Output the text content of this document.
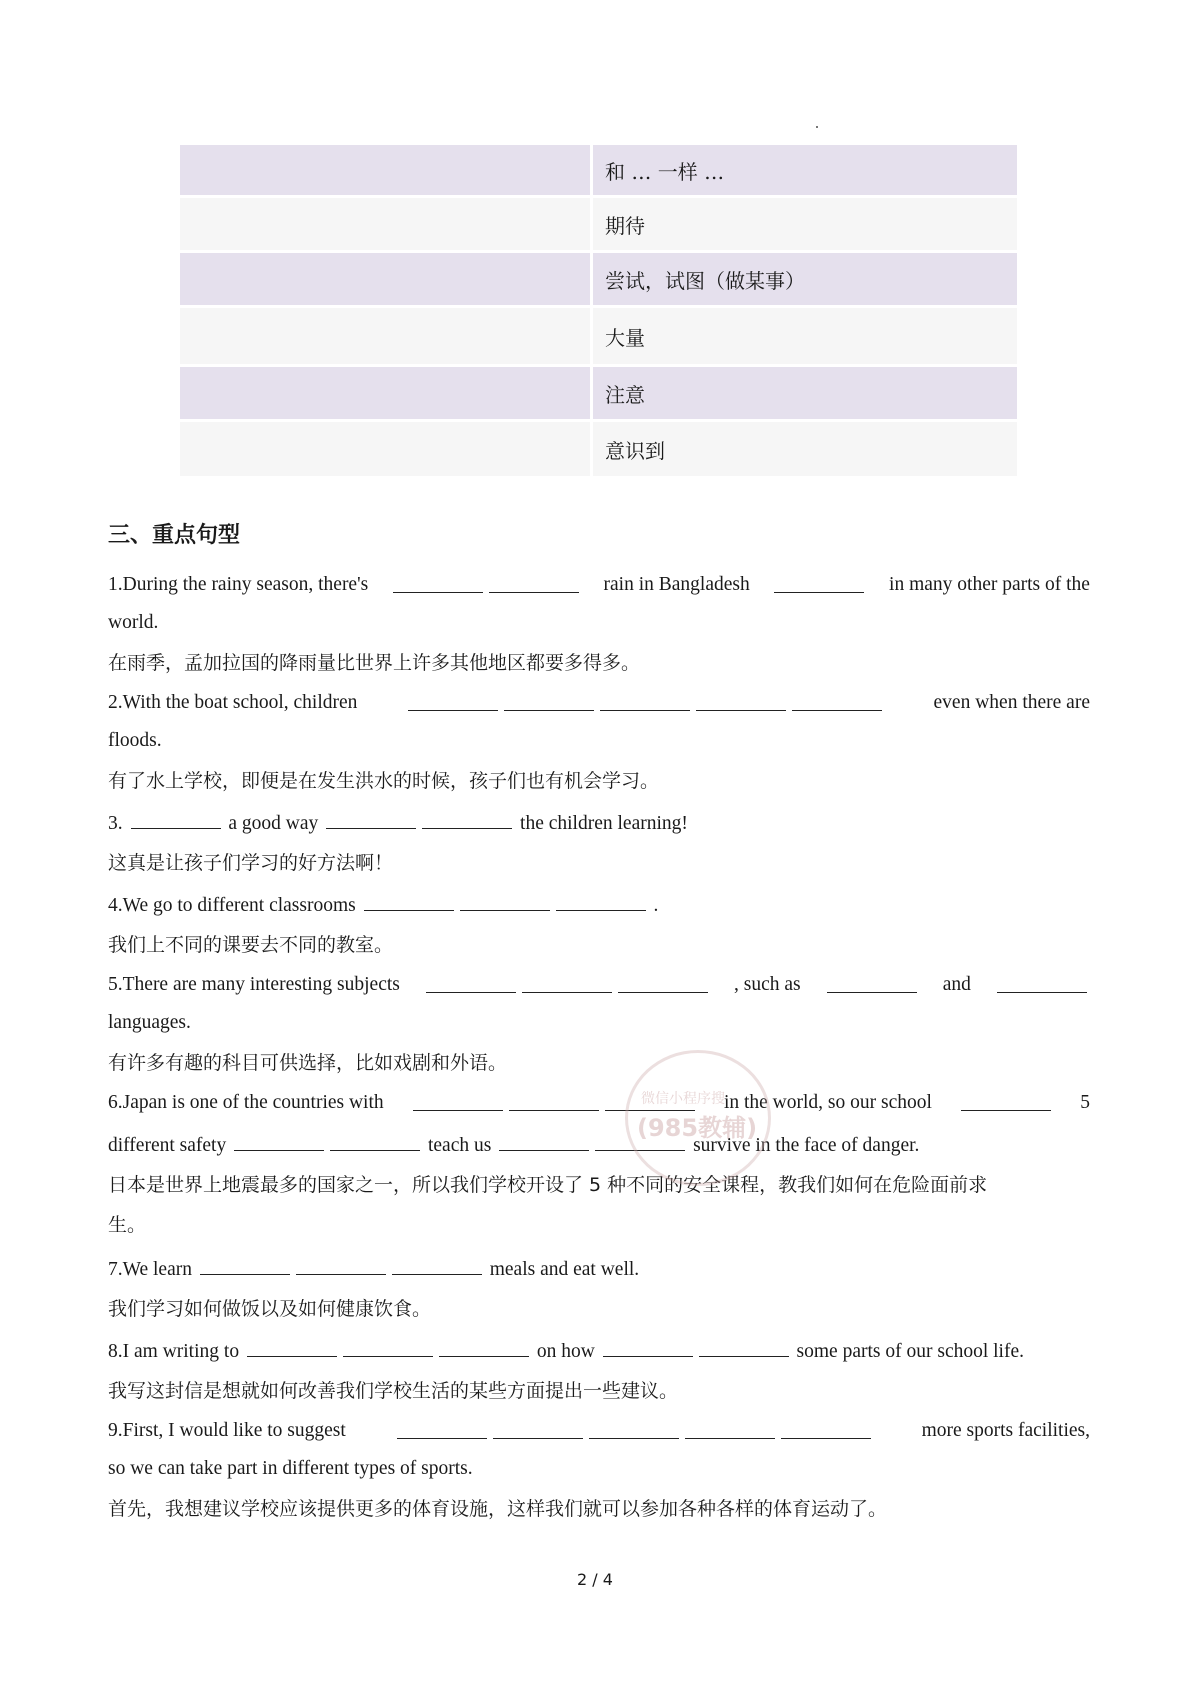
	和 … 一样 …
	期待
	尝试，试图（做某事）
	大量
	注意
	意识到
三、重点句型
1.During the rainy season, there's	rain in Bangladesh	in many other parts of the
world.
在雨季，孟加拉国的降雨量比世界上许多其他地区都要多得多。
2.With the boat school, children	even when there are
floods.
有了水上学校，即便是在发生洪水的时候，孩子们也有机会学习。
3.	a good way	the children learning!
这真是让孩子们学习的好方法啊！
4.We go to different classrooms	.
我们上不同的课要去不同的教室。
5.There are many interesting subjects	, such as	and
languages.
有许多有趣的科目可供选择，比如戏剧和外语。
6.Japan is one of the countries with	in the world, so our school	5
different safety	teach us	survive in the face of danger.
日本是世界上地震最多的国家之一，所以我们学校开设了 5 种不同的安全课程，教我们如何在危险面前求
生。
7.We learn	meals and eat well.
我们学习如何做饭以及如何健康饮食。
8.I am writing to	on how	some parts of our school life.
我写这封信是想就如何改善我们学校生活的某些方面提出一些建议。
9.First, I would like to suggest	more sports facilities,
so we can take part in different types of sports.
首先，我想建议学校应该提供更多的体育设施，这样我们就可以参加各种各样的体育运动了。
微信小程序搜
(985教辅)
2 / 4
